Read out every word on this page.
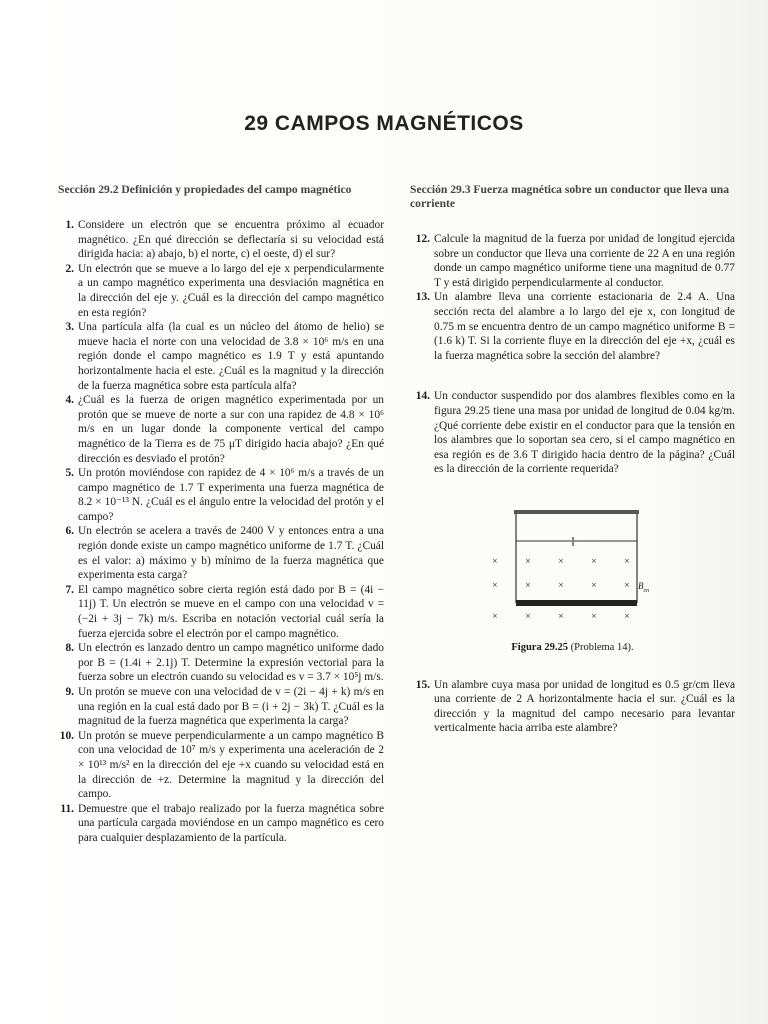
29 CAMPOS MAGNÉTICOS
Sección 29.2 Definición y propiedades del campo magnético
1. Considere un electrón que se encuentra próximo al ecuador magnético. ¿En qué dirección se deflectaría si su velocidad está dirigida hacia: a) abajo, b) el norte, c) el oeste, d) el sur?
2. Un electrón que se mueve a lo largo del eje x perpendicularmente a un campo magnético experimenta una desviación magnética en la dirección del eje y. ¿Cuál es la dirección del campo magnético en esta región?
3. Una partícula alfa (la cual es un núcleo del átomo de helio) se mueve hacia el norte con una velocidad de 3.8 × 10⁶ m/s en una región donde el campo magnético es 1.9 T y está apuntando horizontalmente hacia el este. ¿Cuál es la magnitud y la dirección de la fuerza magnética sobre esta partícula alfa?
4. ¿Cuál es la fuerza de origen magnético experimentada por un protón que se mueve de norte a sur con una rapidez de 4.8 × 10⁶ m/s en un lugar donde la componente vertical del campo magnético de la Tierra es de 75 μT dirigido hacia abajo? ¿En qué dirección es desviado el protón?
5. Un protón moviéndose con rapidez de 4 × 10⁶ m/s a través de un campo magnético de 1.7 T experimenta una fuerza magnética de 8.2 × 10⁻¹³ N. ¿Cuál es el ángulo entre la velocidad del protón y el campo?
6. Un electrón se acelera a través de 2400 V y entonces entra a una región donde existe un campo magnético uniforme de 1.7 T. ¿Cuál es el valor: a) máximo y b) mínimo de la fuerza magnética que experimenta esta carga?
7. El campo magnético sobre cierta región está dado por B = (4i − 11j) T. Un electrón se mueve en el campo con una velocidad v = (−2i + 3j − 7k) m/s. Escriba en notación vectorial cuál sería la fuerza ejercida sobre el electrón por el campo magnético.
8. Un electrón es lanzado dentro un campo magnético uniforme dado por B = (1.4i + 2.1j) T. Determine la expresión vectorial para la fuerza sobre un electrón cuando su velocidad es v = 3.7 × 10⁵j m/s.
9. Un protón se mueve con una velocidad de v = (2i − 4j + k) m/s en una región en la cual está dado por B = (i + 2j − 3k) T. ¿Cuál es la magnitud de la fuerza magnética que experimenta la carga?
10. Un protón se mueve perpendicularmente a un campo magnético B con una velocidad de 10⁷ m/s y experimenta una aceleración de 2 × 10¹³ m/s² en la dirección del eje +x cuando su velocidad está en la dirección de +z. Determine la magnitud y la dirección del campo.
11. Demuestre que el trabajo realizado por la fuerza magnética sobre una partícula cargada moviéndose en un campo magnético es cero para cualquier desplazamiento de la partícula.
Sección 29.3 Fuerza magnética sobre un conductor que lleva una corriente
12. Calcule la magnitud de la fuerza por unidad de longitud ejercida sobre un conductor que lleva una corriente de 22 A en una región donde un campo magnético uniforme tiene una magnitud de 0.77 T y está dirigido perpendicularmente al conductor.
13. Un alambre lleva una corriente estacionaria de 2.4 A. Una sección recta del alambre a lo largo del eje x, con longitud de 0.75 m se encuentra dentro de un campo magnético uniforme B = (1.6 k) T. Si la corriente fluye en la dirección del eje +x, ¿cuál es la fuerza magnética sobre la sección del alambre?
14. Un conductor suspendido por dos alambres flexibles como en la figura 29.25 tiene una masa por unidad de longitud de 0.04 kg/m. ¿Qué corriente debe existir en el conductor para que la tensión en los alambres que lo soportan sea cero, si el campo magnético en esa región es de 3.6 T dirigido hacia dentro de la página? ¿Cuál es la dirección de la corriente requerida?
×	×	×	×	×
×	×	×	×	×
×	×	×	×	×
$B_{en}$
Figura 29.25 (Problema 14).
15. Un alambre cuya masa por unidad de longitud es 0.5 gr/cm lleva una corriente de 2 A horizontalmente hacia el sur. ¿Cuál es la dirección y la magnitud del campo necesario para levantar verticalmente hacia arriba este alambre?
